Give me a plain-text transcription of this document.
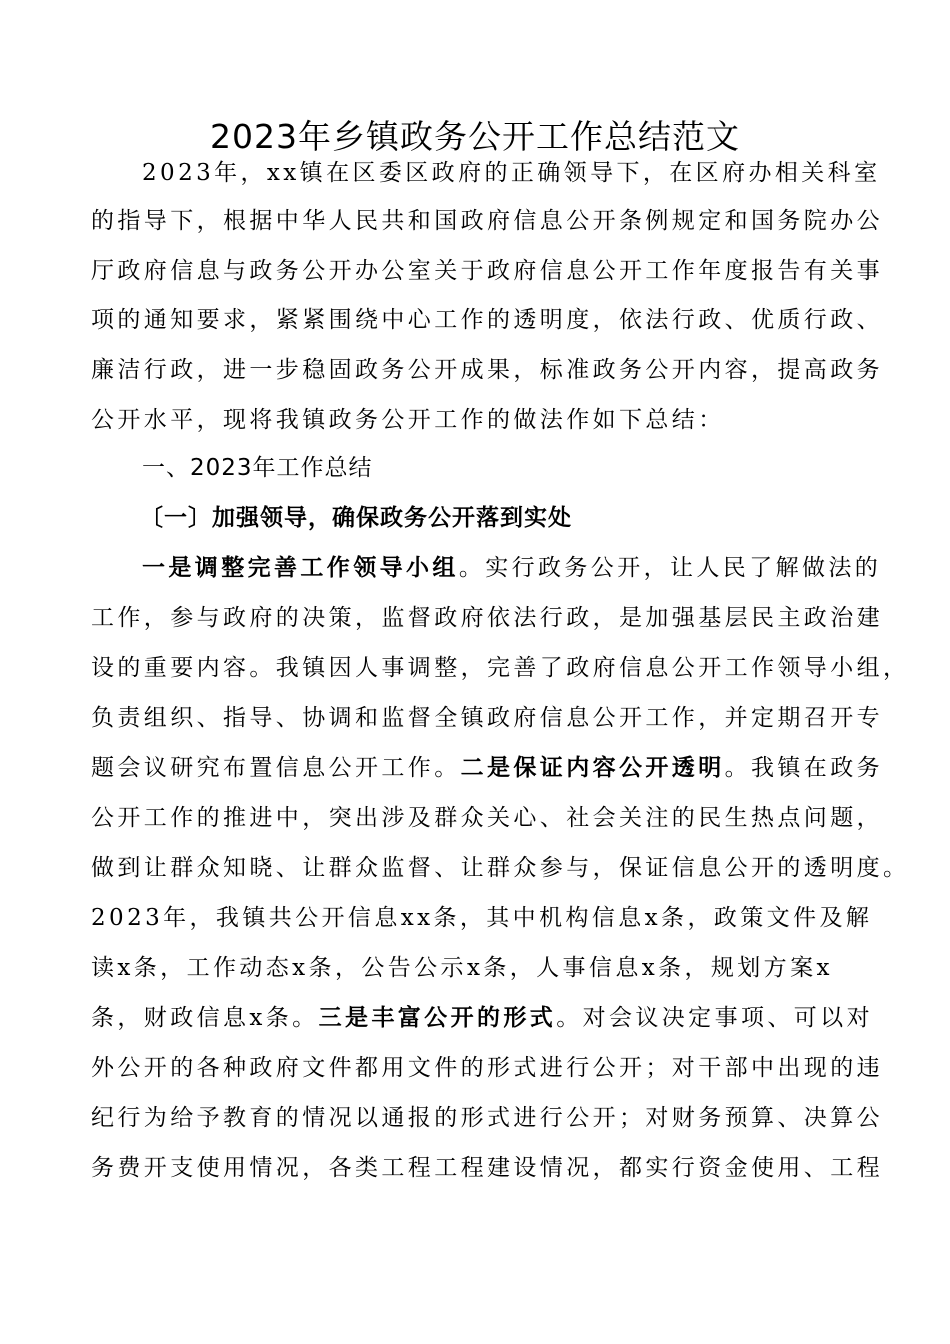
2023年乡镇政务公开工作总结范文
2023年，xx镇在区委区政府的正确领导下，在区府办相关科室
的指导下，根据中华人民共和国政府信息公开条例规定和国务院办公
厅政府信息与政务公开办公室关于政府信息公开工作年度报告有关事
项的通知要求，紧紧围绕中心工作的透明度，依法行政、优质行政、
廉洁行政，进一步稳固政务公开成果，标准政务公开内容，提高政务
公开水平，现将我镇政务公开工作的做法作如下总结：
一、2023年工作总结
〔一〕加强领导，确保政务公开落到实处
一是调整完善工作领导小组。实行政务公开，让人民了解做法的
工作，参与政府的决策，监督政府依法行政，是加强基层民主政治建
设的重要内容。我镇因人事调整，完善了政府信息公开工作领导小组，
负责组织、指导、协调和监督全镇政府信息公开工作，并定期召开专
题会议研究布置信息公开工作。二是保证内容公开透明。我镇在政务
公开工作的推进中，突出涉及群众关心、社会关注的民生热点问题，
做到让群众知晓、让群众监督、让群众参与，保证信息公开的透明度。
2023年，我镇共公开信息xx条，其中机构信息x条，政策文件及解
读x条，工作动态x条，公告公示x条，人事信息x条，规划方案x
条，财政信息x条。三是丰富公开的形式。对会议决定事项、可以对
外公开的各种政府文件都用文件的形式进行公开；对干部中出现的违
纪行为给予教育的情况以通报的形式进行公开；对财务预算、决算公
务费开支使用情况，各类工程工程建设情况，都实行资金使用、工程
